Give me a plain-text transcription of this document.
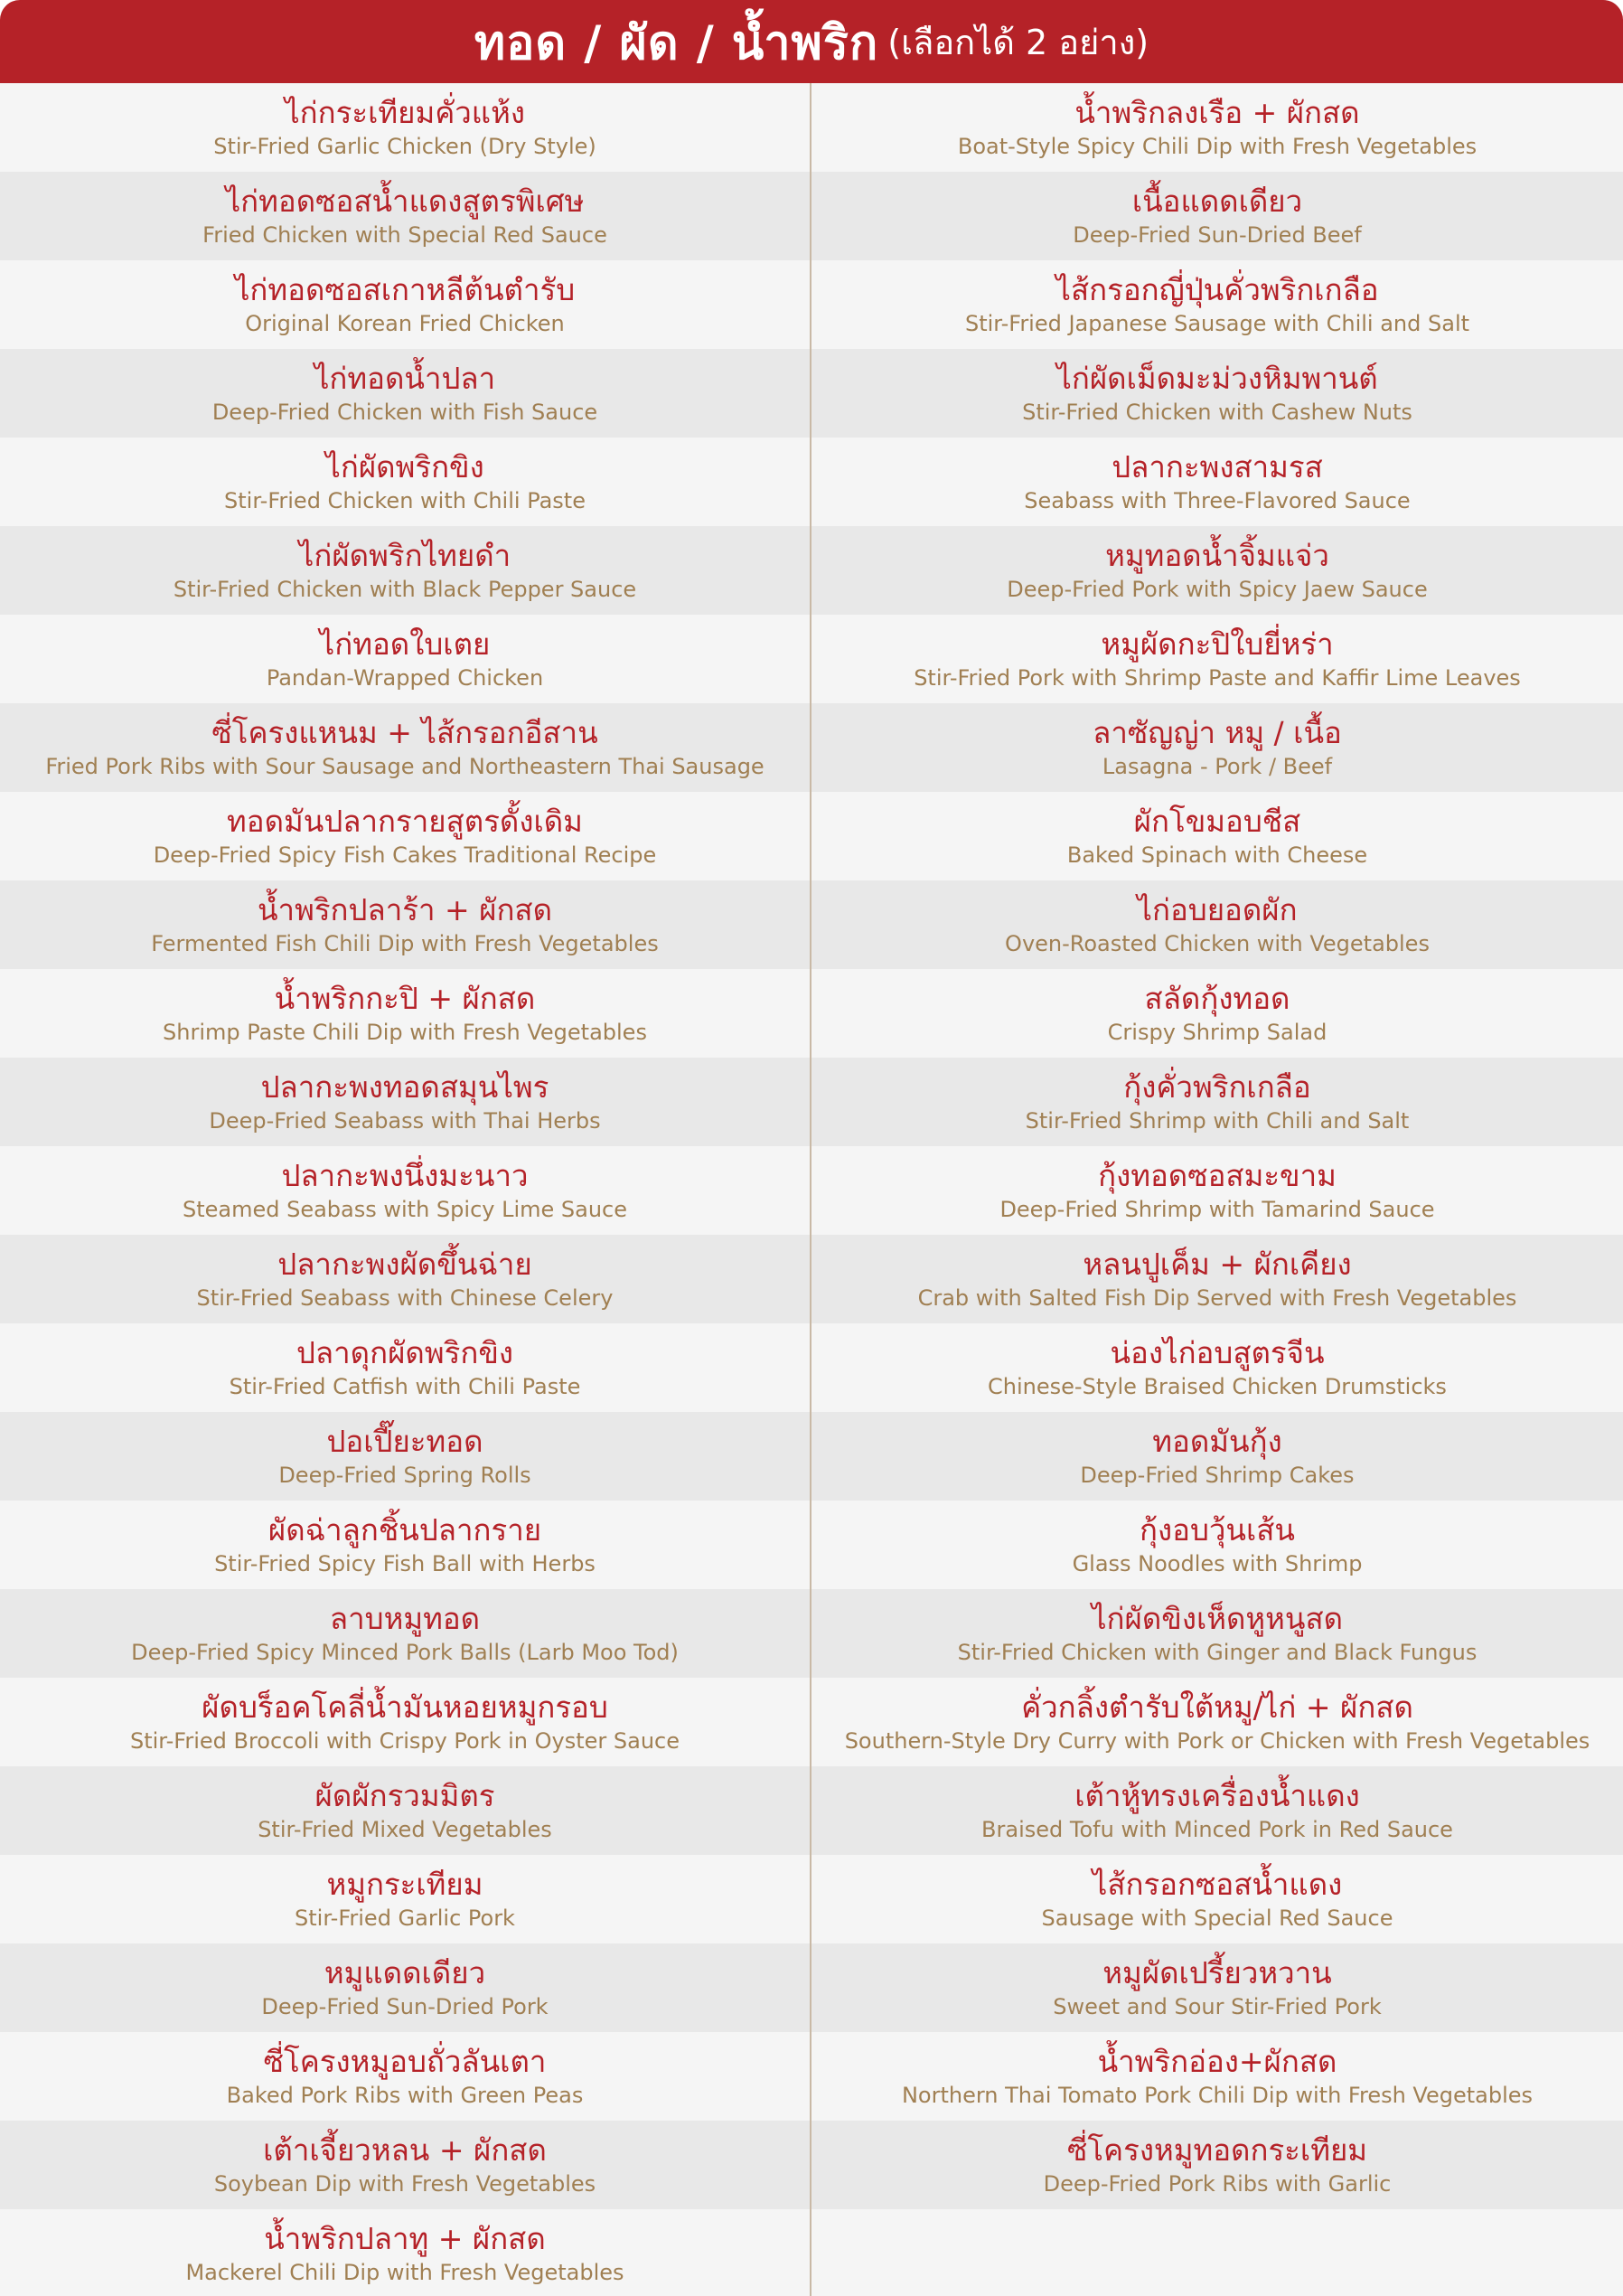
ทอด / ผัด / น้ำพริก (เลือกได้ 2 อย่าง)
ไก่กระเทียมคั่วแห้ง
Stir-Fried Garlic Chicken (Dry Style)
ไก่ทอดซอสน้ำแดงสูตรพิเศษ
Fried Chicken with Special Red Sauce
ไก่ทอดซอสเกาหลีต้นตำรับ
Original Korean Fried Chicken
ไก่ทอดน้ำปลา
Deep-Fried Chicken with Fish Sauce
ไก่ผัดพริกขิง
Stir-Fried Chicken with Chili Paste
ไก่ผัดพริกไทยดำ
Stir-Fried Chicken with Black Pepper Sauce
ไก่ทอดใบเตย
Pandan-Wrapped Chicken
ซี่โครงแหนม + ไส้กรอกอีสาน
Fried Pork Ribs with Sour Sausage and Northeastern Thai Sausage
ทอดมันปลากรายสูตรดั้งเดิม
Deep-Fried Spicy Fish Cakes Traditional Recipe
น้ำพริกปลาร้า + ผักสด
Fermented Fish Chili Dip with Fresh Vegetables
น้ำพริกกะปิ + ผักสด
Shrimp Paste Chili Dip with Fresh Vegetables
ปลากะพงทอดสมุนไพร
Deep-Fried Seabass with Thai Herbs
ปลากะพงนึ่งมะนาว
Steamed Seabass with Spicy Lime Sauce
ปลากะพงผัดขึ้นฉ่าย
Stir-Fried Seabass with Chinese Celery
ปลาดุกผัดพริกขิง
Stir-Fried Catfish with Chili Paste
ปอเปี๊ยะทอด
Deep-Fried Spring Rolls
ผัดฉ่าลูกชิ้นปลากราย
Stir-Fried Spicy Fish Ball with Herbs
ลาบหมูทอด
Deep-Fried Spicy Minced Pork Balls (Larb Moo Tod)
ผัดบร็อคโคลี่น้ำมันหอยหมูกรอบ
Stir-Fried Broccoli with Crispy Pork in Oyster Sauce
ผัดผักรวมมิตร
Stir-Fried Mixed Vegetables
หมูกระเทียม
Stir-Fried Garlic Pork
หมูแดดเดียว
Deep-Fried Sun-Dried Pork
ซี่โครงหมูอบถั่วลันเตา
Baked Pork Ribs with Green Peas
เต้าเจี้ยวหลน + ผักสด
Soybean Dip with Fresh Vegetables
น้ำพริกปลาทู + ผักสด
Mackerel Chili Dip with Fresh Vegetables
น้ำพริกลงเรือ + ผักสด
Boat-Style Spicy Chili Dip with Fresh Vegetables
เนื้อแดดเดียว
Deep-Fried Sun-Dried Beef
ไส้กรอกญี่ปุ่นคั่วพริกเกลือ
Stir-Fried Japanese Sausage with Chili and Salt
ไก่ผัดเม็ดมะม่วงหิมพานต์
Stir-Fried Chicken with Cashew Nuts
ปลากะพงสามรส
Seabass with Three-Flavored Sauce
หมูทอดน้ำจิ้มแจ่ว
Deep-Fried Pork with Spicy Jaew Sauce
หมูผัดกะปิใบยี่หร่า
Stir-Fried Pork with Shrimp Paste and Kaffir Lime Leaves
ลาซัญญ่า หมู / เนื้อ
Lasagna - Pork / Beef
ผักโขมอบชีส
Baked Spinach with Cheese
ไก่อบยอดผัก
Oven-Roasted Chicken with Vegetables
สลัดกุ้งทอด
Crispy Shrimp Salad
กุ้งคั่วพริกเกลือ
Stir-Fried Shrimp with Chili and Salt
กุ้งทอดซอสมะขาม
Deep-Fried Shrimp with Tamarind Sauce
หลนปูเค็ม + ผักเคียง
Crab with Salted Fish Dip Served with Fresh Vegetables
น่องไก่อบสูตรจีน
Chinese-Style Braised Chicken Drumsticks
ทอดมันกุ้ง
Deep-Fried Shrimp Cakes
กุ้งอบวุ้นเส้น
Glass Noodles with Shrimp
ไก่ผัดขิงเห็ดหูหนูสด
Stir-Fried Chicken with Ginger and Black Fungus
คั่วกลิ้งตำรับใต้หมู/ไก่ + ผักสด
Southern-Style Dry Curry with Pork or Chicken with Fresh Vegetables
เต้าหู้ทรงเครื่องน้ำแดง
Braised Tofu with Minced Pork in Red Sauce
ไส้กรอกซอสน้ำแดง
Sausage with Special Red Sauce
หมูผัดเปรี้ยวหวาน
Sweet and Sour Stir-Fried Pork
น้ำพริกอ่อง+ผักสด
Northern Thai Tomato Pork Chili Dip with Fresh Vegetables
ซี่โครงหมูทอดกระเทียม
Deep-Fried Pork Ribs with Garlic
